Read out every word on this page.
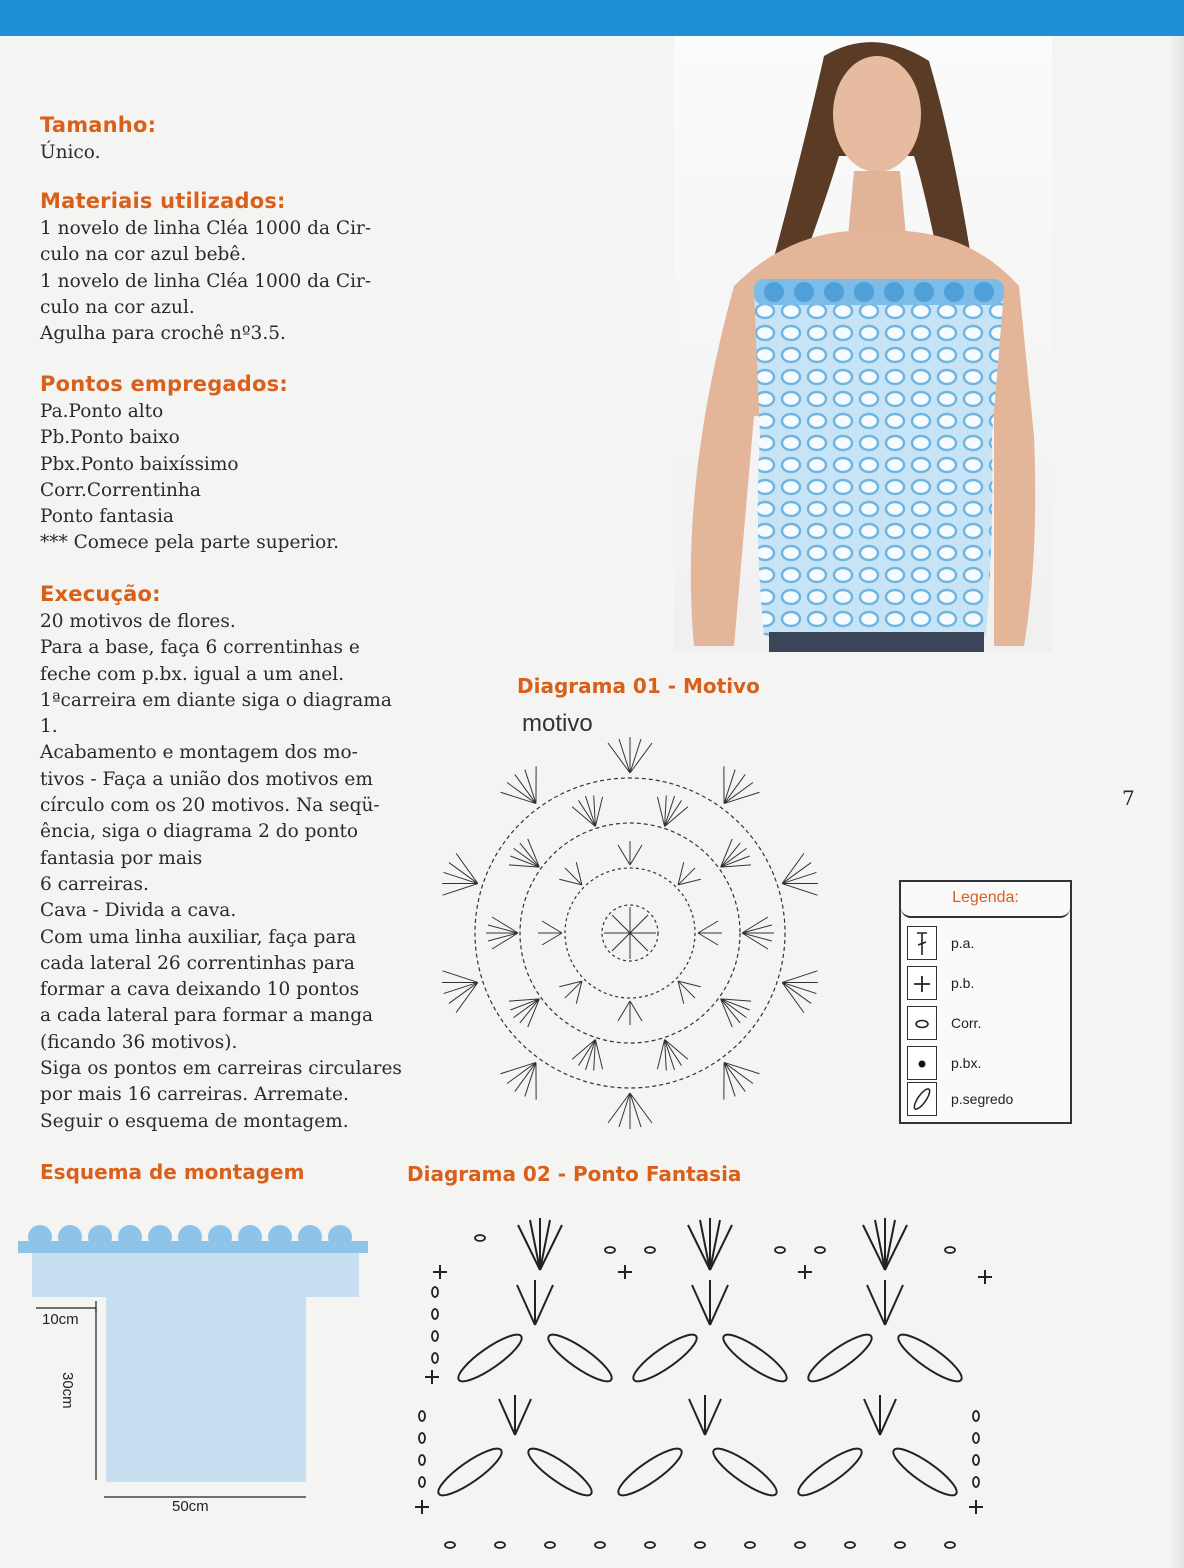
Tamanho:
Único.
Materiais utilizados:
1 novelo de linha Cléa 1000 da Cir-
culo na cor azul bebê.
1 novelo de linha Cléa 1000 da Cir-
culo na cor azul.
Agulha para crochê nº3.5.
Pontos empregados:
Pa.Ponto alto
Pb.Ponto baixo
Pbx.Ponto baixíssimo
Corr.Correntinha
Ponto fantasia
*** Comece pela parte superior.
Execução:
20 motivos de flores.
Para a base, faça 6 correntinhas e
feche com p.bx. igual a um anel.
1ªcarreira em diante siga o diagrama
1.
Acabamento e montagem dos mo-
tivos - Faça a união dos motivos em
círculo com os 20 motivos. Na seqü-
ência, siga o diagrama 2 do ponto
fantasia por mais
6 carreiras.
Cava - Divida a cava.
Com uma linha auxiliar, faça para
cada lateral 26 correntinhas para
formar a cava deixando 10 pontos
a cada lateral para formar a manga
(ficando 36 motivos).
Siga os pontos em carreiras circulares
por mais 16 carreiras. Arremate.
Seguir o esquema de montagem.
7
Diagrama 01 - Motivo
motivo
Legenda:
p.a.
p.b.
Corr.
p.bx.
p.segredo
Esquema de montagem
10cm
30cm
50cm
Diagrama 02 - Ponto Fantasia
